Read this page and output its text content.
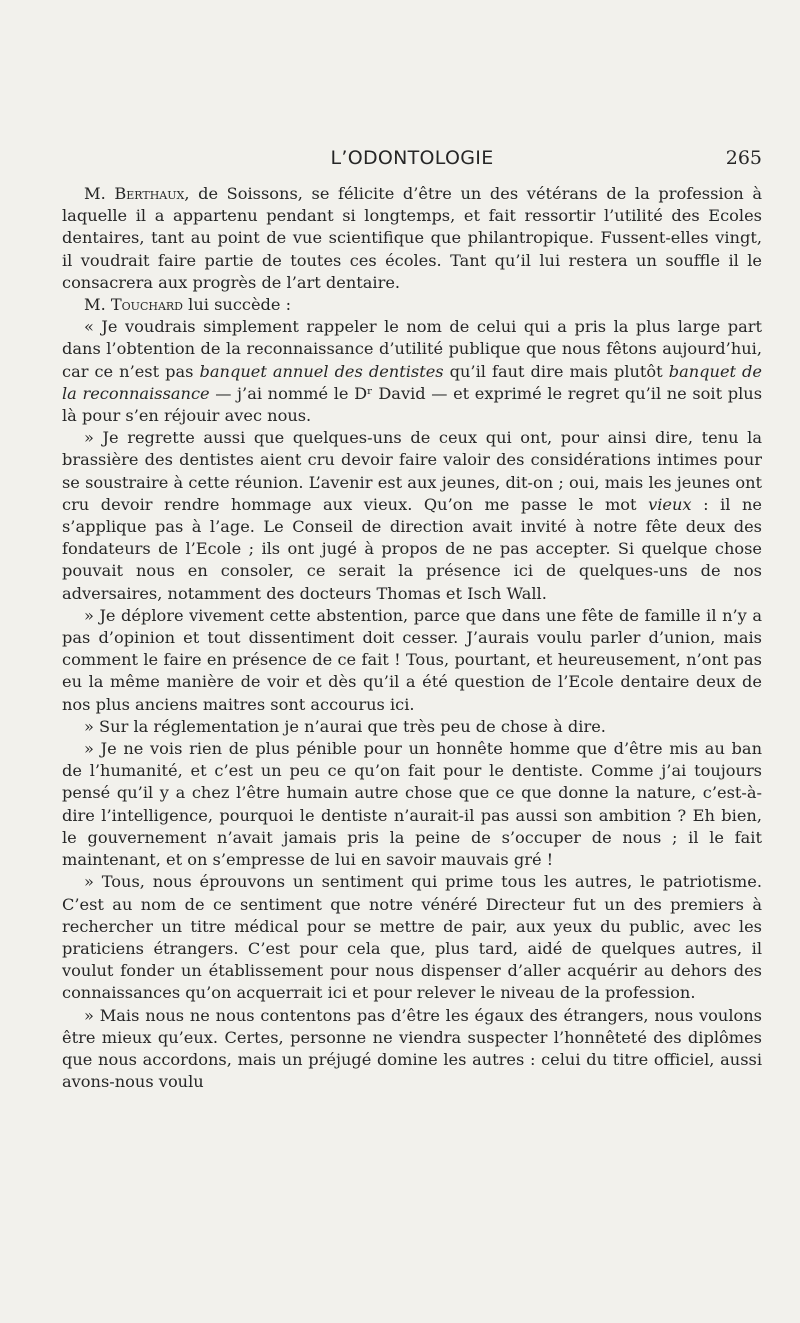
L’ODONTOLOGIE	265

M. Berthaux, de Soissons, se félicite d’être un des vétérans de la profession à laquelle il a appartenu pendant si longtemps, et fait ressortir l’utilité des Ecoles dentaires, tant au point de vue scientifique que philantropique. Fussent-elles vingt, il voudrait faire partie de toutes ces écoles. Tant qu’il lui restera un souffle il le consacrera aux progrès de l’art dentaire.

M. Touchard lui succède :

« Je voudrais simplement rappeler le nom de celui qui a pris la plus large part dans l’obtention de la reconnaissance d’utilité publique que nous fêtons aujourd’hui, car ce n’est pas banquet annuel des dentistes qu’il faut dire mais plutôt banquet de la reconnaissance — j’ai nommé le Dʳ David — et exprimé le regret qu’il ne soit plus là pour s’en réjouir avec nous.

» Je regrette aussi que quelques-uns de ceux qui ont, pour ainsi dire, tenu la brassière des dentistes aient cru devoir faire valoir des considérations intimes pour se soustraire à cette réunion. L’avenir est aux jeunes, dit-on ; oui, mais les jeunes ont cru devoir rendre hommage aux vieux. Qu’on me passe le mot vieux : il ne s’applique pas à l’age. Le Conseil de direction avait invité à notre fête deux des fondateurs de l’Ecole ; ils ont jugé à propos de ne pas accepter. Si quelque chose pouvait nous en consoler, ce serait la présence ici de quelques-uns de nos adversaires, notamment des docteurs Thomas et Isch Wall.

» Je déplore vivement cette abstention, parce que dans une fête de famille il n’y a pas d’opinion et tout dissentiment doit cesser. J’aurais voulu parler d’union, mais comment le faire en présence de ce fait ! Tous, pourtant, et heureusement, n’ont pas eu la même manière de voir et dès qu’il a été question de l’Ecole dentaire deux de nos plus anciens maitres sont accourus ici.

» Sur la réglementation je n’aurai que très peu de chose à dire.

» Je ne vois rien de plus pénible pour un honnête homme que d’être mis au ban de l’humanité, et c’est un peu ce qu’on fait pour le dentiste. Comme j’ai toujours pensé qu’il y a chez l’être humain autre chose que ce que donne la nature, c’est-à-dire l’intelligence, pourquoi le dentiste n’aurait-il pas aussi son ambition ? Eh bien, le gouvernement n’avait jamais pris la peine de s’occuper de nous ; il le fait maintenant, et on s’empresse de lui en savoir mauvais gré !

» Tous, nous éprouvons un sentiment qui prime tous les autres, le patriotisme. C’est au nom de ce sentiment que notre vénéré Directeur fut un des premiers à rechercher un titre médical pour se mettre de pair, aux yeux du public, avec les praticiens étrangers. C’est pour cela que, plus tard, aidé de quelques autres, il voulut fonder un établissement pour nous dispenser d’aller acquérir au dehors des connaissances qu’on acquerrait ici et pour relever le niveau de la profession.

» Mais nous ne nous contentons pas d’être les égaux des étrangers, nous voulons être mieux qu’eux. Certes, personne ne viendra suspecter l’honnêteté des diplômes que nous accordons, mais un préjugé domine les autres : celui du titre officiel, aussi avons-nous voulu
